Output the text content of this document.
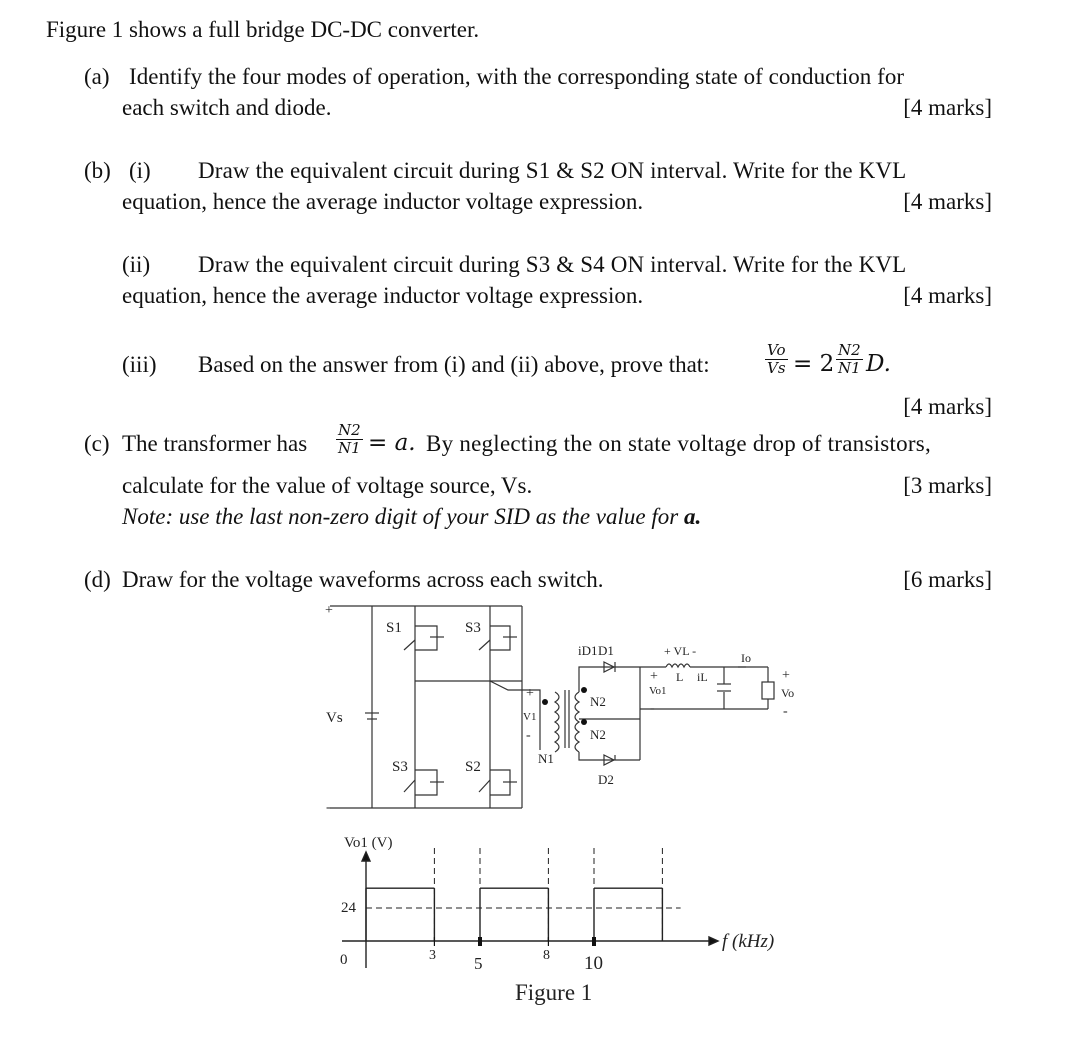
Figure 1 shows a full bridge DC-DC converter.
(a) Identify the four modes of operation, with the corresponding state of conduction for
each switch and diode.	[4 marks]
(b) (i) Draw the equivalent circuit during S1 & S2 ON interval. Write for the KVL
equation, hence the average inductor voltage expression.	[4 marks]
(ii) Draw the equivalent circuit during S3 & S4 ON interval. Write for the KVL
equation, hence the average inductor voltage expression.	[4 marks]
(iii) Based on the answer from (i) and (ii) above, prove that:
Vo
Vs = 2
N2
N1 D.
[4 marks]
(c) The transformer has
N2
N1 = a. By neglecting the on state voltage drop of transistors,
calculate for the value of voltage source, Vs.	[3 marks]
Note: use the last non-zero digit of your SID as the value for a.
(d) Draw for the voltage waveforms across each switch.	[6 marks]
+
-
+
-
+
-
+
-
Vs
S1	S3
S3	S2
iD1 D1
D2
N1
N2
N2
V1
Vo1
+ VL -
L iL
Io
Vo
Vo1 (V)
24
0
f (kHz)
3 5	8 10
Figure 1
